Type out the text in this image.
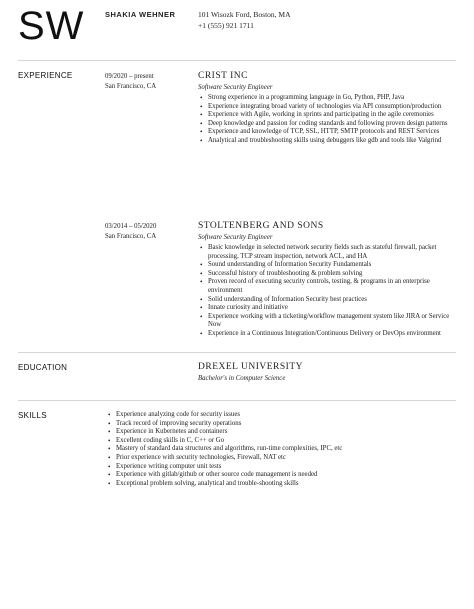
SW	SHAKIA WEHNER	101 Wisozk Ford, Boston, MA
+1 (555) 921 1711
EXPERIENCE	09/2020 – present
San Francisco, CA
CRIST INC
Software Security Engineer
• Strong experience in a programming language in Go, Python, PHP, Java
• Experience integrating broad variety of technologies via API consumption/production
• Experience with Agile, working in sprints and participating in the agile ceremonies
• Deep knowledge and passion for coding standards and following proven design patterns
• Experience and knowledge of TCP, SSL, HTTP, SMTP protocols and REST Services
• Analytical and troubleshooting skills using debuggers like gdb and tools like Valgrind
03/2014 – 05/2020
San Francisco, CA
STOLTENBERG AND SONS
Software Security Engineer
• Basic knowledge in selected network security fields such as stateful firewall, packet processing, TCP stream inspection, network ACL, and HA
• Sound understanding of Information Security Fundamentals
• Successful history of troubleshooting & problem solving
• Proven record of executing security controls, testing, & programs in an enterprise environment
• Solid understanding of Information Security best practices
• Innate curiosity and initiative
• Experience working with a ticketing/workflow management system like JIRA or Service Now
• Experience in a Continuous Integration/Continuous Delivery or DevOps environment
EDUCATION	DREXEL UNIVERSITY
Bachelor's in Computer Science
SKILLS
•	Experience analyzing code for security issues
• Track record of improving security operations
• Experience in Kubernetes and containers
• Excellent coding skills in C, C++ or Go
• Mastery of standard data structures and algorithms, run-time complexities, IPC, etc
• Prior experience with security technologies, Firewall, NAT etc
• Experience writing computer unit tests
• Experience with gitlab/github or other source code management is needed
• Exceptional problem solving, analytical and trouble-shooting skills
